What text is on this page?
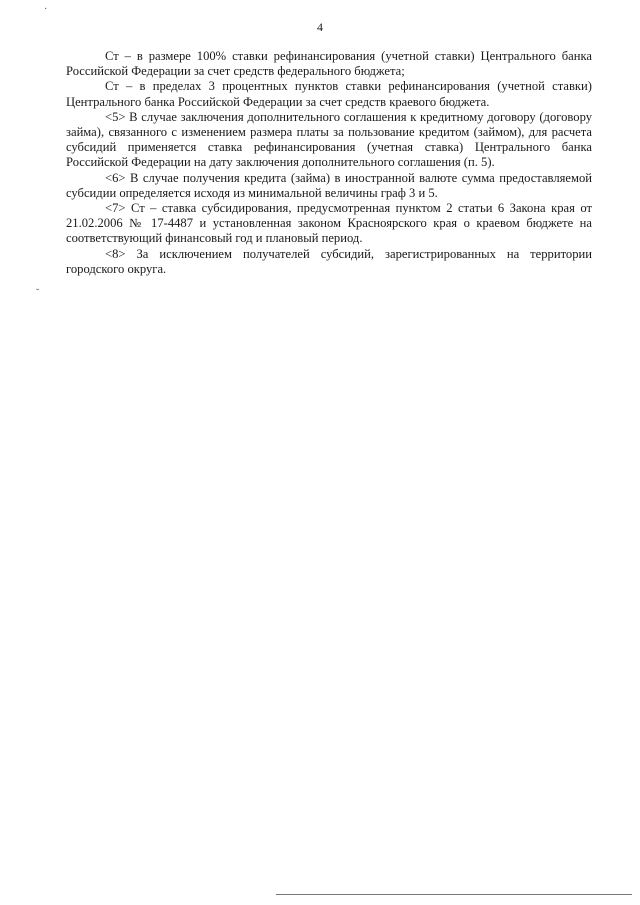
·
4

Ст – в размере 100% ставки рефинансирования (учетной ставки) Центрального банка Российской Федерации за счет средств федерального бюджета;

Ст – в пределах 3 процентных пунктов ставки рефинансирования (учетной ставки) Центрального банка Российской Федерации за счет средств краевого бюджета.

<5> В случае заключения дополнительного соглашения к кредитному договору (договору займа), связанного с изменением размера платы за пользование кредитом (займом), для расчета субсидий применяется ставка рефинансирования (учетная ставка) Центрального банка Российской Федерации на дату заключения дополнительного соглашения (п. 5).

<6> В случае получения кредита (займа) в иностранной валюте сумма предоставляемой субсидии определяется исходя из минимальной величины граф 3 и 5.

<7> Ст – ставка субсидирования, предусмотренная пунктом 2 статьи 6 Закона края от 21.02.2006 № 17-4487 и установленная законом Красноярского края о краевом бюджете на соответствующий финансовый год и плановый период.

<8> За исключением получателей субсидий, зарегистрированных на территории городского округа.

˘
